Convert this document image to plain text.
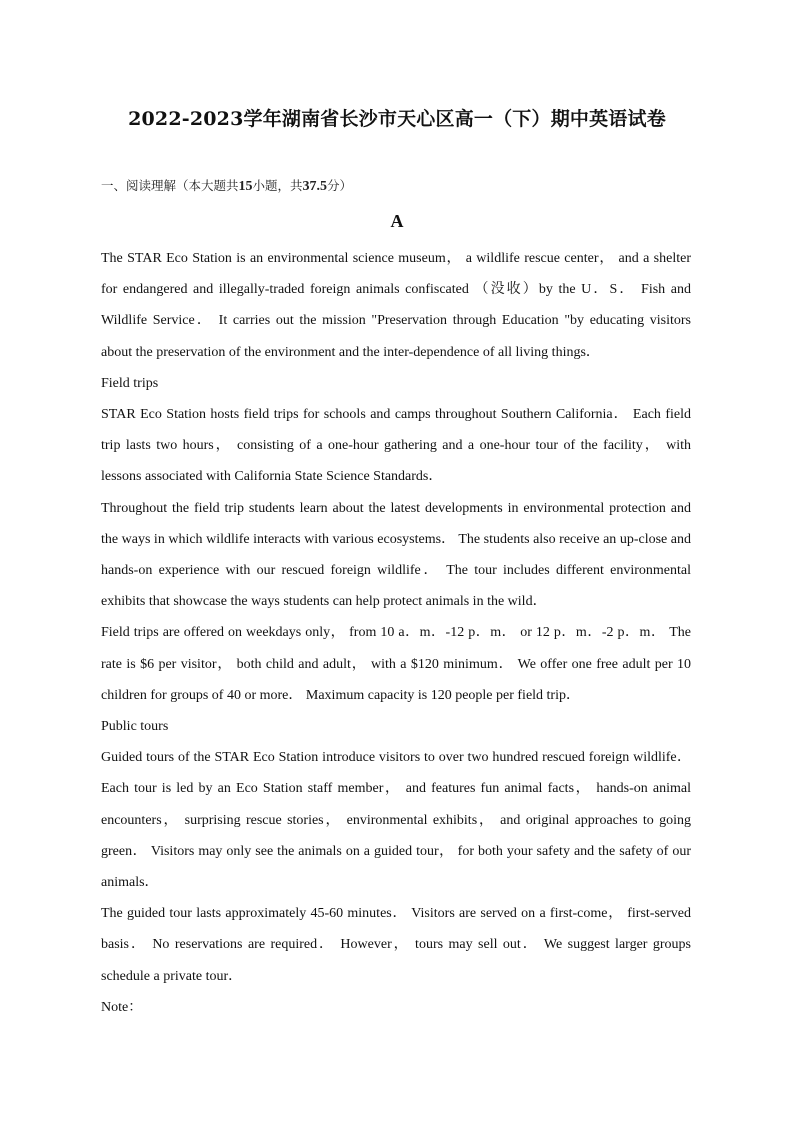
2022-2023学年湖南省长沙市天心区高一（下）期中英语试卷
一、阅读理解（本大题共15小题，共37.5分）
A

The STAR Eco Station is an environmental science museum， a wildlife rescue center， and a shelter for endangered and illegally-traded foreign animals confiscated （没收）by the U．S． Fish and Wildlife Service． It carries out the mission "Preservation through Education "by educating visitors about the preservation of the environment and the inter-dependence of all living things．

Field trips

STAR Eco Station hosts field trips for schools and camps throughout Southern California． Each field trip lasts two hours， consisting of a one-hour gathering and a one-hour tour of the facility， with lessons associated with California State Science Standards．

Throughout the field trip students learn about the latest developments in environmental protection and the ways in which wildlife interacts with various ecosystems． The students also receive an up-close and hands-on experience with our rescued foreign wildlife． The tour includes different environmental exhibits that showcase the ways students can help protect animals in the wild．

Field trips are offered on weekdays only， from 10 a．m．-12 p．m． or 12 p．m．-2 p．m． The rate is $6 per visitor， both child and adult， with a $120 minimum． We offer one free adult per 10 children for groups of 40 or more． Maximum capacity is 120 people per field trip．

Public tours

Guided tours of the STAR Eco Station introduce visitors to over two hundred rescued foreign wildlife． Each tour is led by an Eco Station staff member， and features fun animal facts， hands-on animal encounters， surprising rescue stories， environmental exhibits， and original approaches to going green． Visitors may only see the animals on a guided tour， for both your safety and the safety of our animals．

The guided tour lasts approximately 45-60 minutes． Visitors are served on a first-come， first-served basis． No reservations are required． However， tours may sell out． We suggest larger groups schedule a private tour．

Note：
